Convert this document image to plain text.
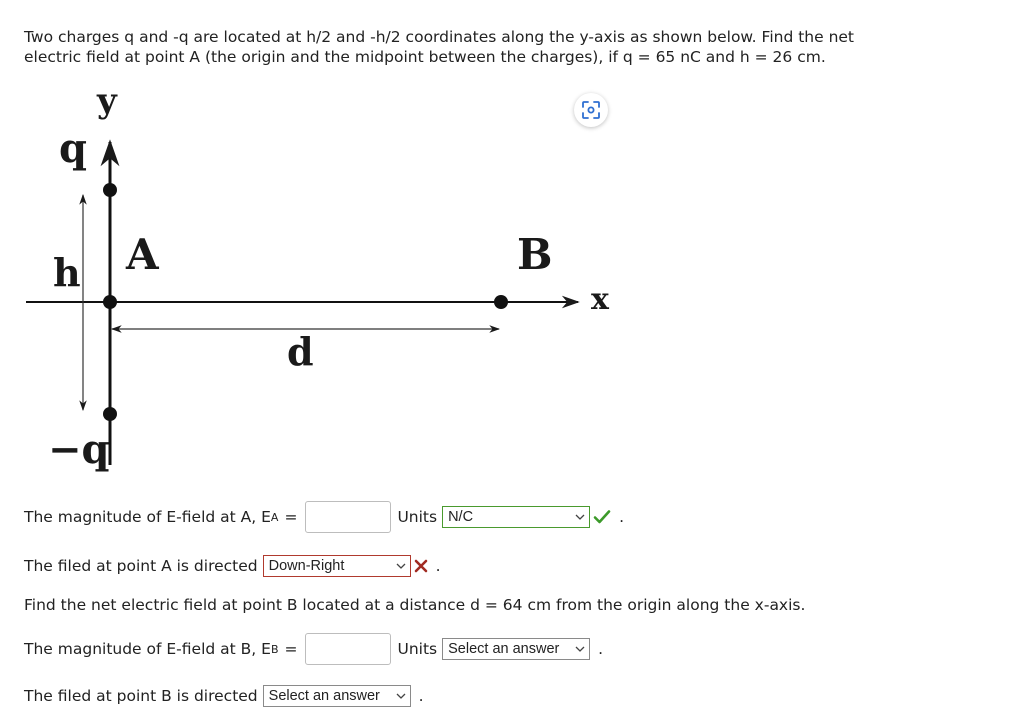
Two charges q and -q are located at h/2 and -h/2 coordinates along the y-axis as shown below. Find the net electric field at point A (the origin and the midpoint between the charges), if q = 65 nC and h = 26 cm.

y
x
q
−q
h A	B
d
The magnitude of E-field at A, E A =	Units N/C	.
The filed at point A is directed Down-Right	.
Find the net electric field at point B located at a distance d = 64 cm from the origin along the x-axis.
The magnitude of E-field at B, E B =	Units Select an answer	.
The filed at point B is directed Select an answer	.
